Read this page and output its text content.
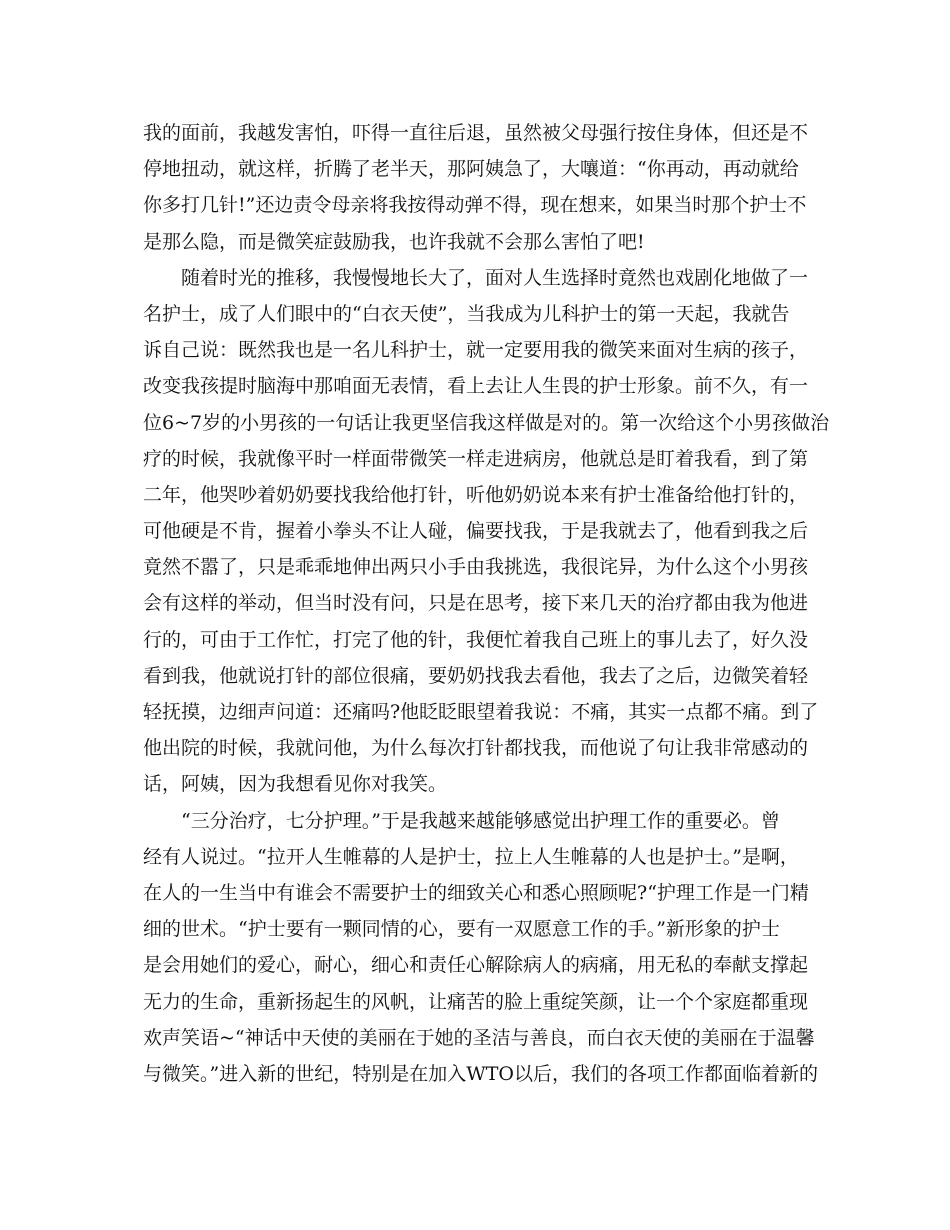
我的面前，我越发害怕，吓得一直往后退，虽然被父母强行按住身体，但还是不
停地扭动，就这样，折腾了老半天，那阿姨急了，大嚷道：“你再动，再动就给
你多打几针!”还边责令母亲将我按得动弹不得，现在想来，如果当时那个护士不
是那么隐，而是微笑症鼓励我，也许我就不会那么害怕了吧!
随着时光的推移，我慢慢地长大了，面对人生选择时竟然也戏剧化地做了一
名护士，成了人们眼中的“白衣天使”，当我成为儿科护士的第一天起，我就告
诉自己说：既然我也是一名儿科护士，就一定要用我的微笑来面对生病的孩子，
改变我孩提时脑海中那咱面无表情，看上去让人生畏的护士形象。前不久，有一
位6~7岁的小男孩的一句话让我更坚信我这样做是对的。第一次给这个小男孩做治
疗的时候，我就像平时一样面带微笑一样走进病房，他就总是盯着我看，到了第
二年，他哭吵着奶奶要找我给他打针，听他奶奶说本来有护士准备给他打针的，
可他硬是不肯，握着小拳头不让人碰，偏要找我，于是我就去了，他看到我之后
竟然不嚣了，只是乖乖地伸出两只小手由我挑选，我很诧异，为什么这个小男孩
会有这样的举动，但当时没有问，只是在思考，接下来几天的治疗都由我为他进
行的，可由于工作忙，打完了他的针，我便忙着我自己班上的事儿去了，好久没
看到我，他就说打针的部位很痛，要奶奶找我去看他，我去了之后，边微笑着轻
轻抚摸，边细声问道：还痛吗?他眨眨眼望着我说：不痛，其实一点都不痛。到了
他出院的时候，我就问他，为什么每次打针都找我，而他说了句让我非常感动的
话，阿姨，因为我想看见你对我笑。
“三分治疗，七分护理。”于是我越来越能够感觉出护理工作的重要必。曾
经有人说过。“拉开人生帷幕的人是护士，拉上人生帷幕的人也是护士。”是啊，
在人的一生当中有谁会不需要护士的细致关心和悉心照顾呢?“护理工作是一门精
细的世术。“护士要有一颗同情的心，要有一双愿意工作的手。”新形象的护士
是会用她们的爱心，耐心，细心和责任心解除病人的病痛，用无私的奉献支撑起
无力的生命，重新扬起生的风帆，让痛苦的脸上重绽笑颜，让一个个家庭都重现
欢声笑语~“神话中天使的美丽在于她的圣洁与善良，而白衣天使的美丽在于温馨
与微笑。”进入新的世纪，特别是在加入WTO以后，我们的各项工作都面临着新的
